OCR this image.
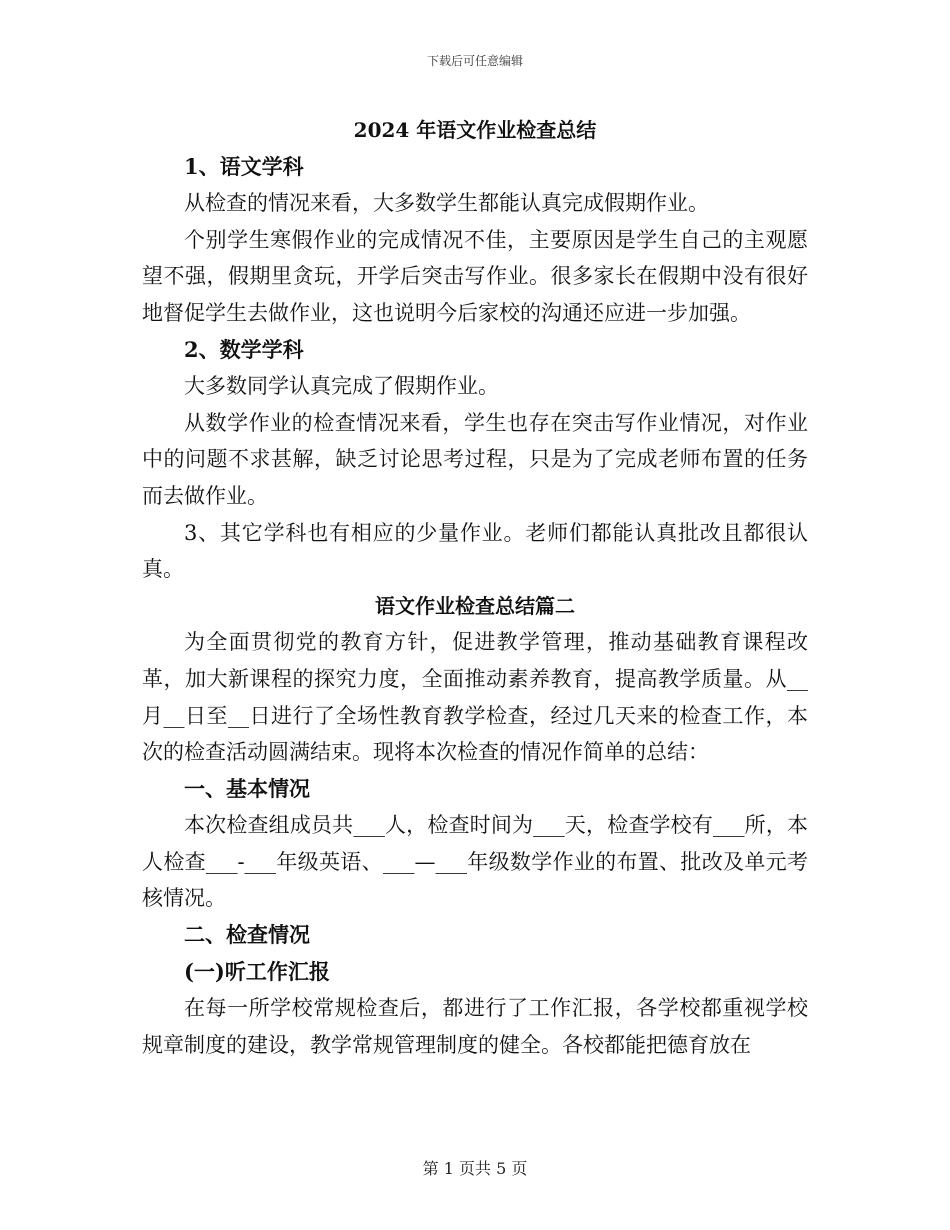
下载后可任意编辑

2024 年语文作业检查总结

1、语文学科

从检查的情况来看，大多数学生都能认真完成假期作业。

个别学生寒假作业的完成情况不佳，主要原因是学生自己的主观愿望不强，假期里贪玩，开学后突击写作业。很多家长在假期中没有很好地督促学生去做作业，这也说明今后家校的沟通还应进一步加强。

2、数学学科

大多数同学认真完成了假期作业。

从数学作业的检查情况来看，学生也存在突击写作业情况，对作业中的问题不求甚解，缺乏讨论思考过程，只是为了完成老师布置的任务而去做作业。

3、其它学科也有相应的少量作业。老师们都能认真批改且都很认真。

语文作业检查总结篇二

为全面贯彻党的教育方针，促进教学管理，推动基础教育课程改革，加大新课程的探究力度，全面推动素养教育，提高教学质量。从__月__日至__日进行了全场性教育教学检查，经过几天来的检查工作，本次的检查活动圆满结束。现将本次检查的情况作简单的总结：

一、基本情况

本次检查组成员共___人，检查时间为___天，检查学校有___所，本人检查___-___年级英语、___—___年级数学作业的布置、批改及单元考核情况。

二、检查情况

(一)听工作汇报

在每一所学校常规检查后，都进行了工作汇报，各学校都重视学校规章制度的建设，教学常规管理制度的健全。各校都能把德育放在

第 1 页共 5 页
